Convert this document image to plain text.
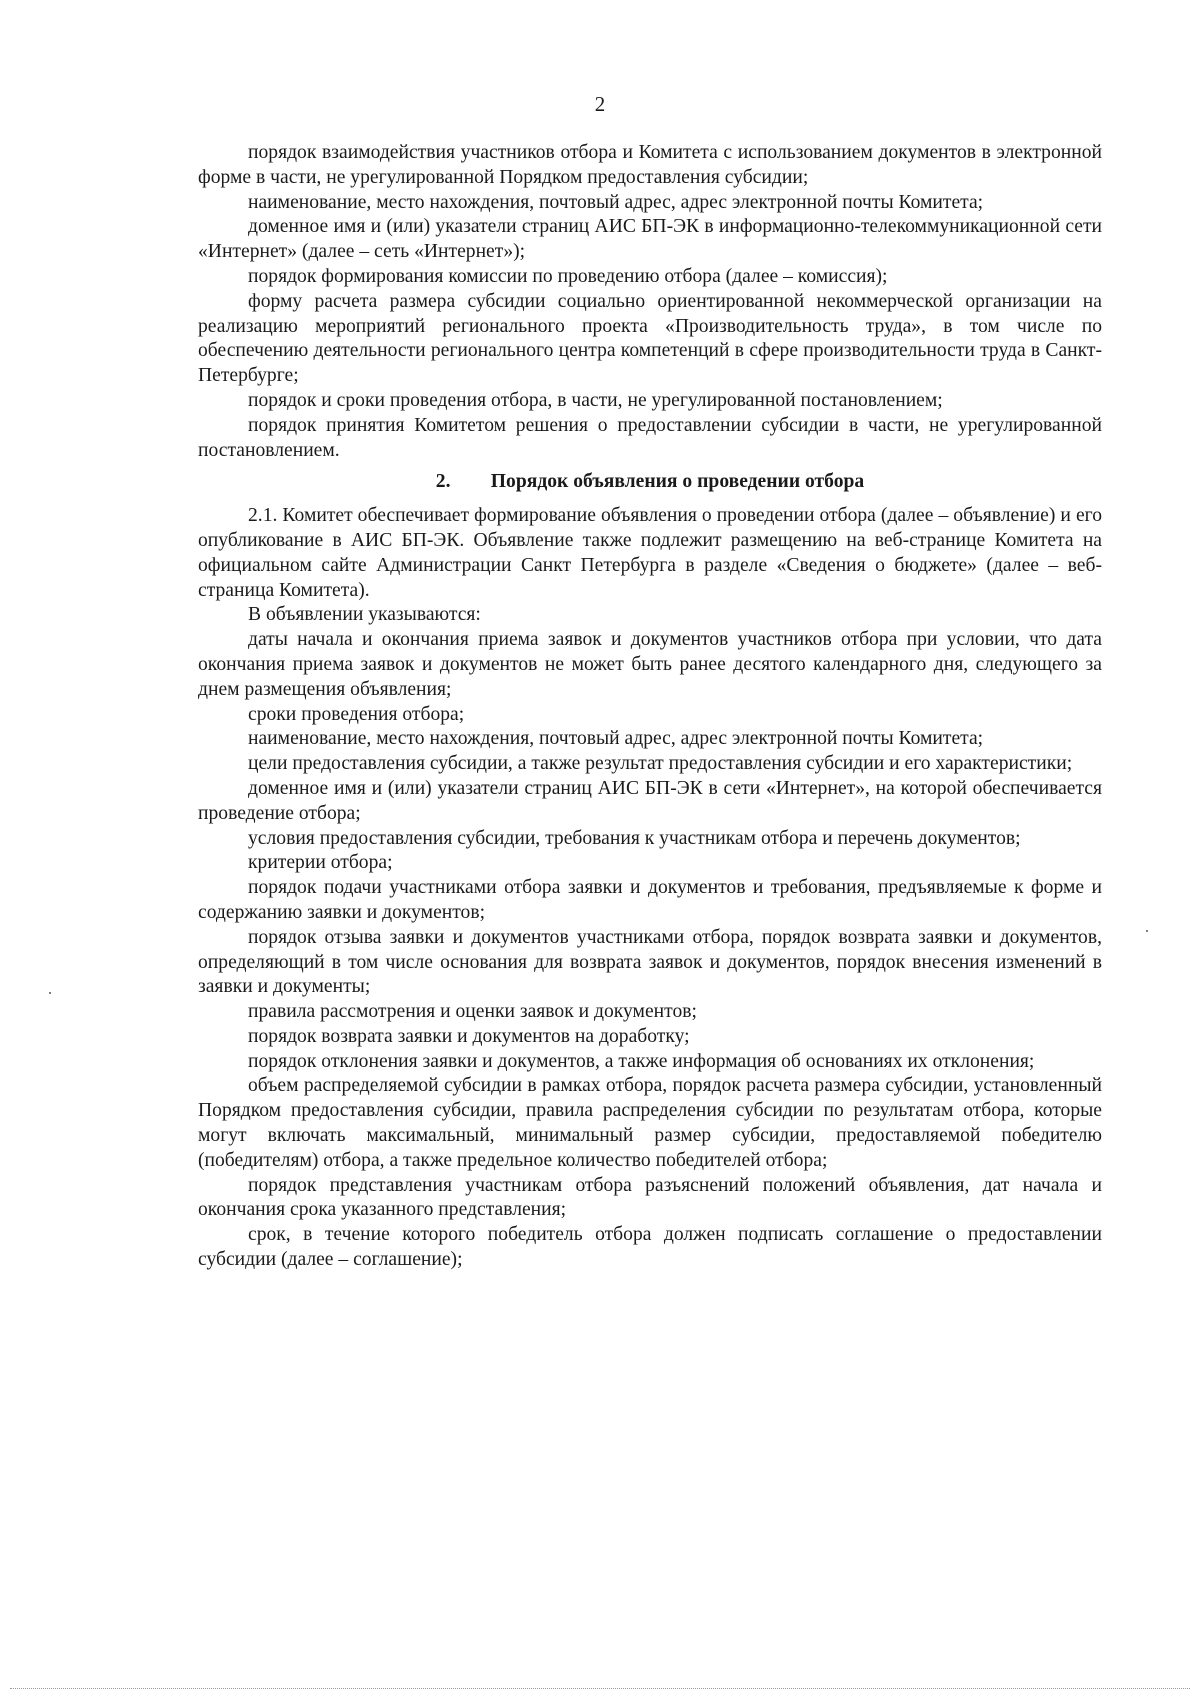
2

порядок взаимодействия участников отбора и Комитета с использованием документов в электронной форме в части, не урегулированной Порядком предоставления субсидии;

наименование, место нахождения, почтовый адрес, адрес электронной почты Комитета;

доменное имя и (или) указатели страниц АИС БП-ЭК в информационно-телекоммуникационной сети «Интернет» (далее – сеть «Интернет»);

порядок формирования комиссии по проведению отбора (далее – комиссия);

форму расчета размера субсидии социально ориентированной некоммерческой организации на реализацию мероприятий регионального проекта «Производительность труда», в том числе по обеспечению деятельности регионального центра компетенций в сфере производительности труда в Санкт-Петербурге;

порядок и сроки проведения отбора, в части, не урегулированной постановлением;

порядок принятия Комитетом решения о предоставлении субсидии в части, не урегулированной постановлением.

2. Порядок объявления о проведении отбора

2.1. Комитет обеспечивает формирование объявления о проведении отбора (далее – объявление) и его опубликование в АИС БП-ЭК. Объявление также подлежит размещению на веб-странице Комитета на официальном сайте Администрации Санкт Петербурга в разделе «Сведения о бюджете» (далее – веб-страница Комитета).

В объявлении указываются:

даты начала и окончания приема заявок и документов участников отбора при условии, что дата окончания приема заявок и документов не может быть ранее десятого календарного дня, следующего за днем размещения объявления;

сроки проведения отбора;

наименование, место нахождения, почтовый адрес, адрес электронной почты Комитета;

цели предоставления субсидии, а также результат предоставления субсидии и его характеристики;

доменное имя и (или) указатели страниц АИС БП-ЭК в сети «Интернет», на которой обеспечивается проведение отбора;

условия предоставления субсидии, требования к участникам отбора и перечень документов;

критерии отбора;

порядок подачи участниками отбора заявки и документов и требования, предъявляемые к форме и содержанию заявки и документов;

порядок отзыва заявки и документов участниками отбора, порядок возврата заявки и документов, определяющий в том числе основания для возврата заявок и документов, порядок внесения изменений в заявки и документы;

правила рассмотрения и оценки заявок и документов;

порядок возврата заявки и документов на доработку;

порядок отклонения заявки и документов, а также информация об основаниях их отклонения;

объем распределяемой субсидии в рамках отбора, порядок расчета размера субсидии, установленный Порядком предоставления субсидии, правила распределения субсидии по результатам отбора, которые могут включать максимальный, минимальный размер субсидии, предоставляемой победителю (победителям) отбора, а также предельное количество победителей отбора;

порядок представления участникам отбора разъяснений положений объявления, дат начала и окончания срока указанного представления;

срок, в течение которого победитель отбора должен подписать соглашение о предоставлении субсидии (далее – соглашение);
